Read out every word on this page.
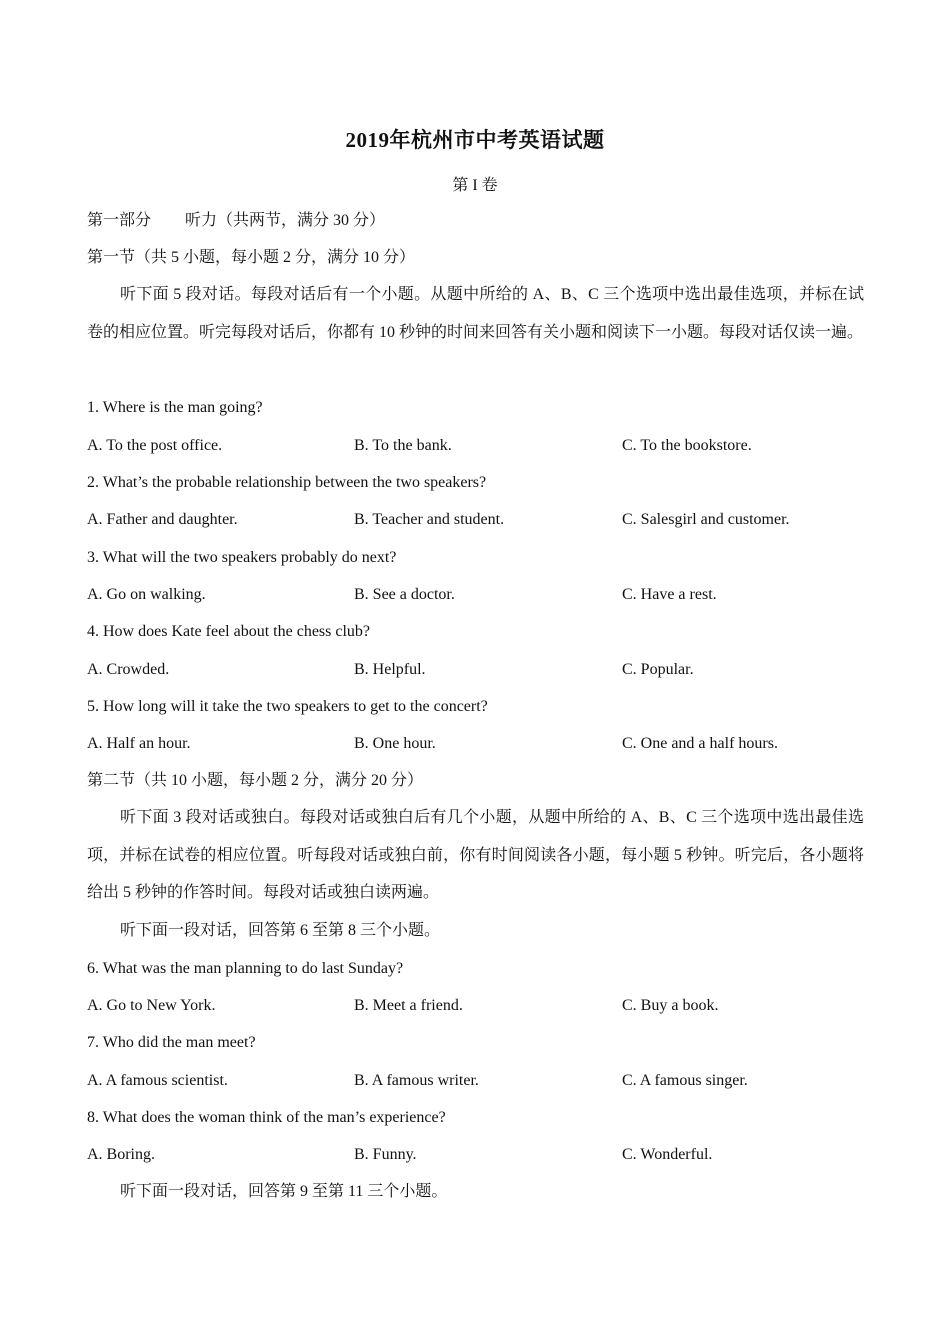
2019年杭州市中考英语试题
第 I 卷
第一部分 听力（共两节，满分 30 分）
第一节（共 5 小题，每小题 2 分，满分 10 分）
听下面 5 段对话。每段对话后有一个小题。从题中所给的 A、B、C 三个选项中选出最佳选项，并标在试卷的相应位置。听完每段对话后，你都有 10 秒钟的时间来回答有关小题和阅读下一小题。每段对话仅读一遍。
1. Where is the man going?
A. To the post office.	B. To the bank.	C. To the bookstore.
2. What’s the probable relationship between the two speakers?
A. Father and daughter.	B. Teacher and student.	C. Salesgirl and customer.
3. What will the two speakers probably do next?
A. Go on walking.	B. See a doctor.	C. Have a rest.
4. How does Kate feel about the chess club?
A. Crowded.	B. Helpful.	C. Popular.
5. How long will it take the two speakers to get to the concert?
A. Half an hour.	B. One hour.	C. One and a half hours.
第二节（共 10 小题，每小题 2 分，满分 20 分）
听下面 3 段对话或独白。每段对话或独白后有几个小题，从题中所给的 A、B、C 三个选项中选出最佳选项，并标在试卷的相应位置。听每段对话或独白前，你有时间阅读各小题，每小题 5 秒钟。听完后，各小题将给出 5 秒钟的作答时间。每段对话或独白读两遍。
听下面一段对话，回答第 6 至第 8 三个小题。
6. What was the man planning to do last Sunday?
A. Go to New York.	B. Meet a friend.	C. Buy a book.
7. Who did the man meet?
A. A famous scientist.	B. A famous writer.	C. A famous singer.
8. What does the woman think of the man’s experience?
A. Boring.	B. Funny.	C. Wonderful.
听下面一段对话，回答第 9 至第 11 三个小题。
